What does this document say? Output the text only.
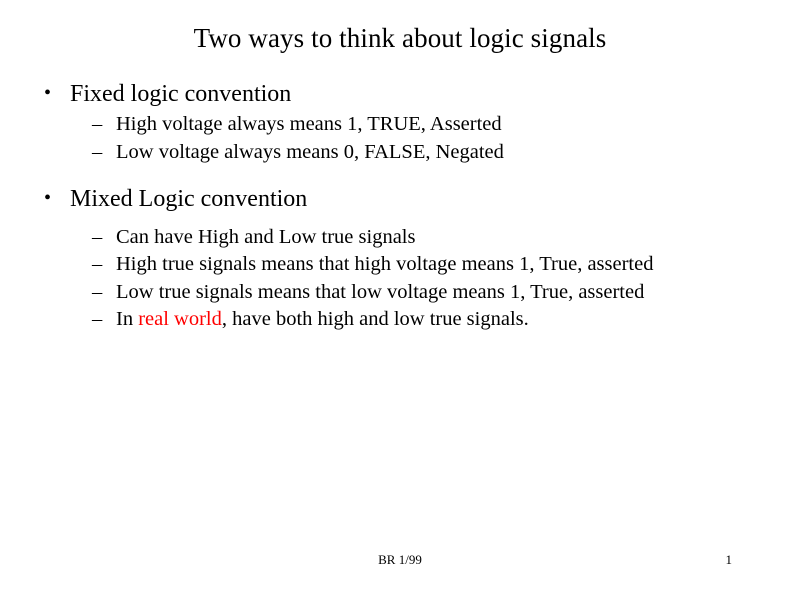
Two ways to think about logic signals
• Fixed logic convention
– High voltage always means 1, TRUE, Asserted
– Low voltage always means 0, FALSE, Negated
• Mixed Logic convention
– Can have High and Low true signals
– High true signals means that high voltage means 1, True, asserted
– Low true signals means that low voltage means 1, True, asserted
– In real world, have both high and low true signals.
BR 1/99	1
